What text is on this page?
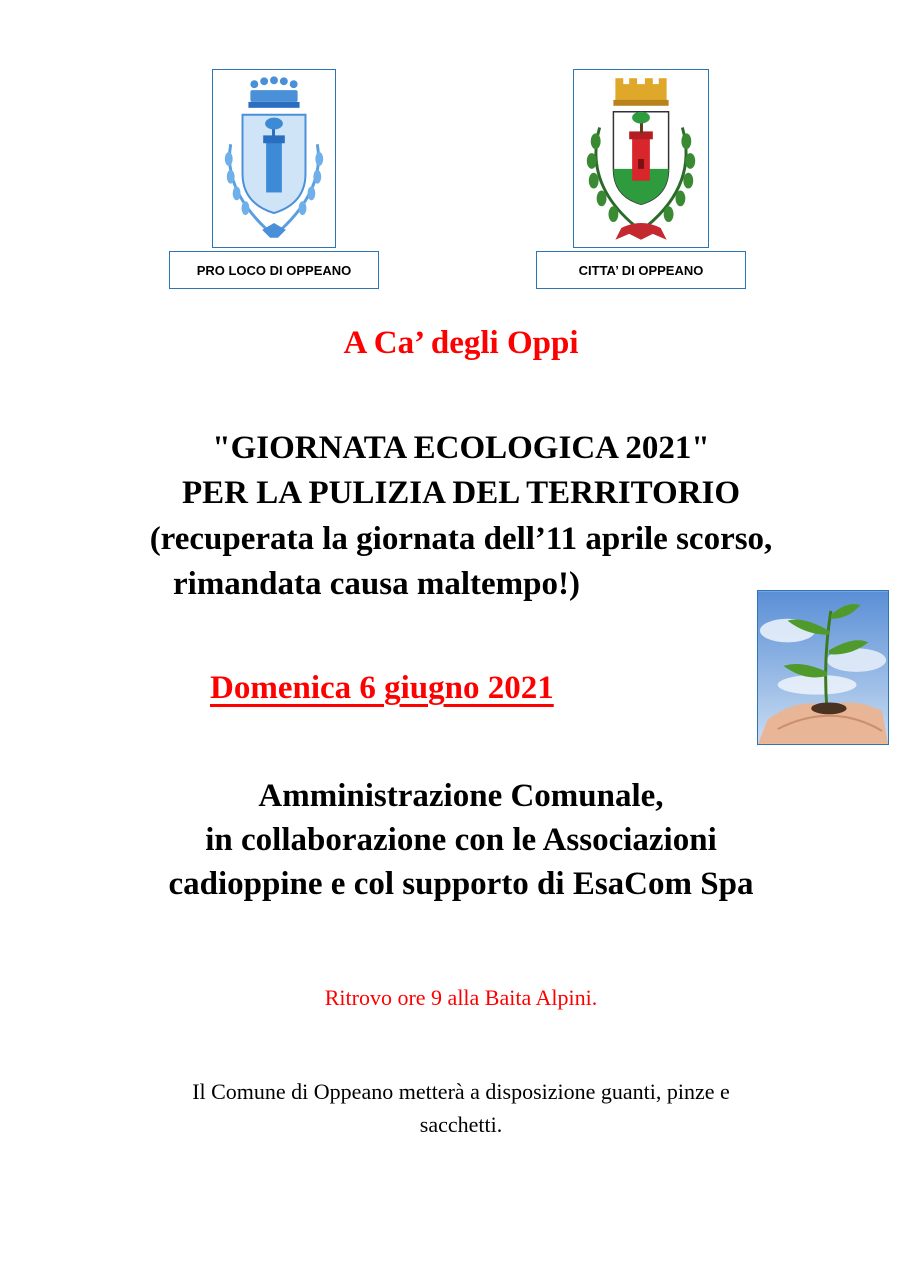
PRO LOCO DI OPPEANO	CITTA’ DI OPPEANO
A Ca’ degli Oppi
"GIORNATA ECOLOGICA 2021"
PER LA PULIZIA DEL TERRITORIO
(recuperata la giornata dell’11 aprile scorso,
rimandata causa maltempo!)
Domenica 6 giugno 2021
Amministrazione Comunale,
in collaborazione con le Associazioni
cadioppine e col supporto di EsaCom Spa
Ritrovo ore 9 alla Baita Alpini.
Il Comune di Oppeano metterà a disposizione guanti, pinze e
sacchetti.
